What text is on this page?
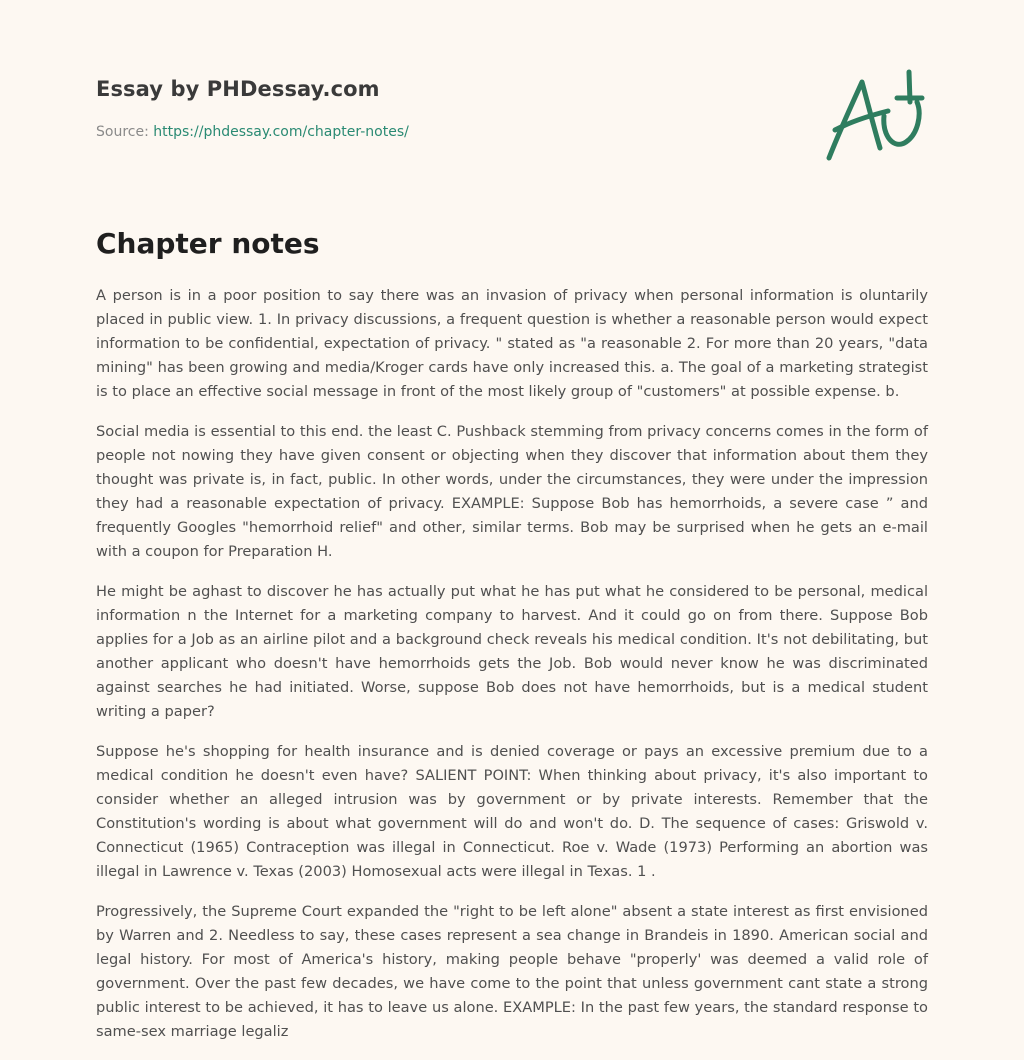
Essay by PHDessay.com
Source: https://phdessay.com/chapter-notes/
Chapter notes

A person is in a poor position to say there was an invasion of privacy when personal information is oluntarily placed in public view. 1. In privacy discussions, a frequent question is whether a reasonable person would expect information to be confidential, expectation of privacy. " stated as "a reasonable 2. For more than 20 years, "data mining" has been growing and media/Kroger cards have only increased this. a. The goal of a marketing strategist is to place an effective social message in front of the most likely group of "customers" at possible expense. b.

Social media is essential to this end. the least C. Pushback stemming from privacy concerns comes in the form of people not nowing they have given consent or objecting when they discover that information about them they thought was private is, in fact, public. In other words, under the circumstances, they were under the impression they had a reasonable expectation of privacy. EXAMPLE: Suppose Bob has hemorrhoids, a severe case ” and frequently Googles "hemorrhoid relief" and other, similar terms. Bob may be surprised when he gets an e-mail with a coupon for Preparation H.

He might be aghast to discover he has actually put what he has put what he considered to be personal, medical information n the Internet for a marketing company to harvest. And it could go on from there. Suppose Bob applies for a Job as an airline pilot and a background check reveals his medical condition. It's not debilitating, but another applicant who doesn't have hemorrhoids gets the Job. Bob would never know he was discriminated against searches he had initiated. Worse, suppose Bob does not have hemorrhoids, but is a medical student writing a paper?

Suppose he's shopping for health insurance and is denied coverage or pays an excessive premium due to a medical condition he doesn't even have? SALIENT POINT: When thinking about privacy, it's also important to consider whether an alleged intrusion was by government or by private interests. Remember that the Constitution's wording is about what government will do and won't do. D. The sequence of cases: Griswold v. Connecticut (1965) Contraception was illegal in Connecticut. Roe v. Wade (1973) Performing an abortion was illegal in Lawrence v. Texas (2003) Homosexual acts were illegal in Texas. 1 .

Progressively, the Supreme Court expanded the "right to be left alone" absent a state interest as first envisioned by Warren and 2. Needless to say, these cases represent a sea change in Brandeis in 1890. American social and legal history. For most of America's history, making people behave "properly' was deemed a valid role of government. Over the past few decades, we have come to the point that unless government cant state a strong public interest to be achieved, it has to leave us alone. EXAMPLE: In the past few years, the standard response to same-sex marriage legaliz
